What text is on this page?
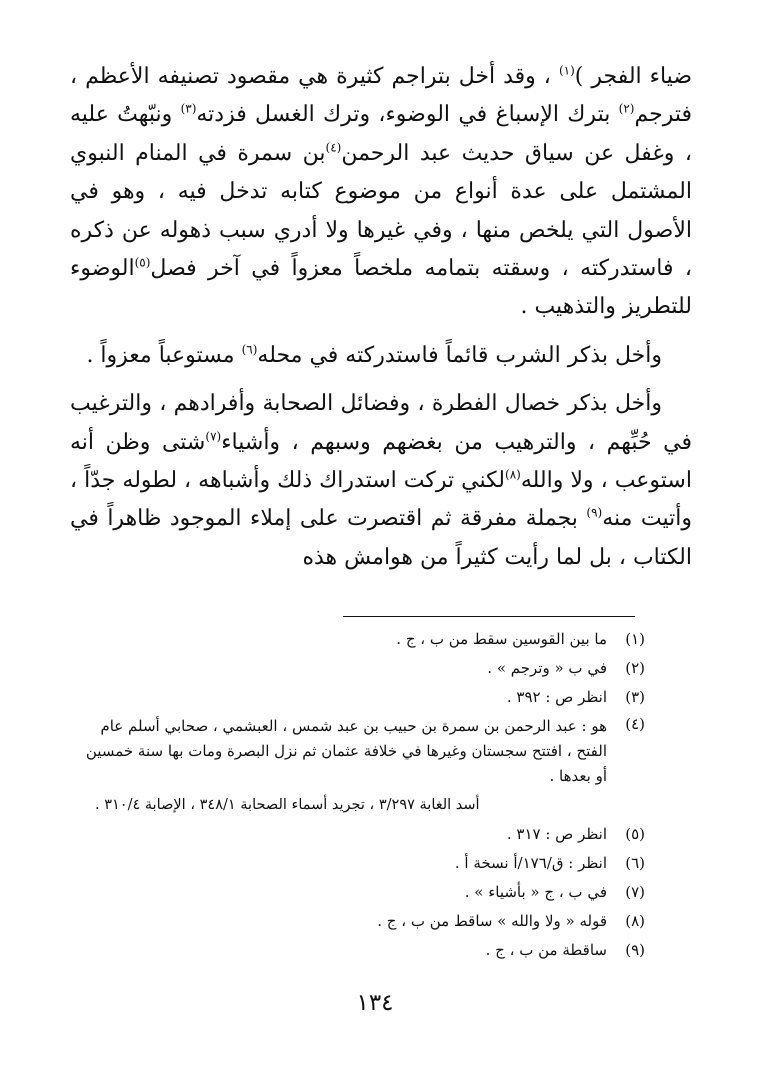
ضياء الفجر )$^{(١)}$ ، وقد أخل بتراجم كثيرة هي مقصود تصنيفه الأعظم ، فترجم$^{(٢)}$ بترك الإسباغ في الوضوء، وترك الغسل فزدته$^{(٣)}$ ونبّهتُ عليه ، وغفل عن سياق حديث عبد الرحمن$^{(٤)}$بن سمرة في المنام النبوي المشتمل على عدة أنواع من موضوع كتابه تدخل فيه ، وهو في الأصول التي يلخص منها ، وفي غيرها ولا أدري سبب ذهوله عن ذكره ، فاستدركته ، وسقته بتمامه ملخصاً معزواً في آخر فصل$^{(٥)}$الوضوء للتطريز والتذهيب .

وأخل بذكر الشرب قائماً فاستدركته في محله$^{(٦)}$ مستوعباً معزواً .

وأخل بذكر خصال الفطرة ، وفضائل الصحابة وأفرادهم ، والترغيب في حُبِّهم ، والترهيب من بغضهم وسبهم ، وأشياء$^{(٧)}$شتى وظن أنه استوعب ، ولا والله$^{(٨)}$لكني تركت استدراك ذلك وأشباهه ، لطوله جدّاً ، وأتيت منه$^{(٩)}$ بجملة مفرقة ثم اقتصرت على إملاء الموجود ظاهراً في الكتاب ، بل لما رأيت كثيراً من هوامش هذه

(١)
ما بين القوسين سقط من ب ، ج .

(٢)
في ب « وترجم » .

(٣)
انظر ص : ٣٩٢ .

(٤)
هو : عبد الرحمن بن سمرة بن حبيب بن عبد شمس ، العبشمي ، صحابي أسلم عام الفتح ، افتتح سجستان وغيرها في خلافة عثمان ثم نزل البصرة ومات بها سنة خمسين أو بعدها .

أسد الغابة ٣/٢٩٧ ، تجريد أسماء الصحابة ٣٤٨/١ ، الإصابة ٣١٠/٤ .

(٥)
انظر ص : ٣١٧ .

(٦)
انظر : ق/١٧٦/أ نسخة أ .

(٧)
في ب ، ج « بأشياء » .

(٨)
قوله « ولا والله » ساقط من ب ، ج .

(٩)
ساقطة من ب ، ج .

١٣٤
